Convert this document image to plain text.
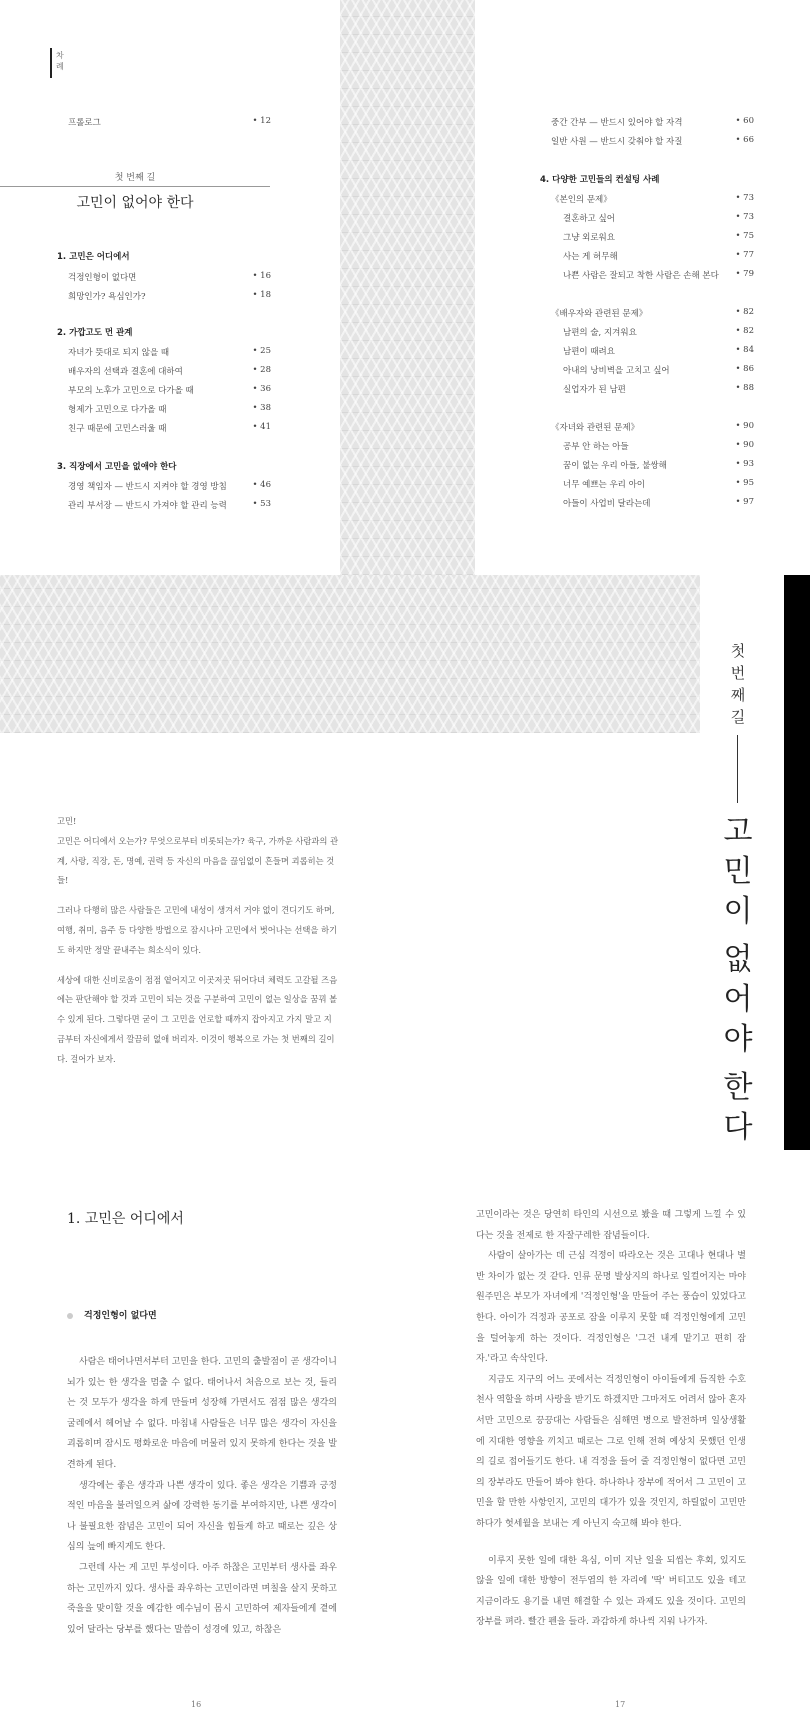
차례
프롤로그	• 12
첫 번째 길
고민이 없어야 한다
1. 고민은 어디에서
걱정인형이 없다면	• 16
희망인가? 욕심인가?	• 18
2. 가깝고도 먼 관계
자녀가 뜻대로 되지 않을 때	• 25
배우자의 선택과 결혼에 대하여	• 28
부모의 노후가 고민으로 다가올 때	• 36
형제가 고민으로 다가올 때	• 38
친구 때문에 고민스러울 때	• 41
3. 직장에서 고민을 없애야 한다
경영 책임자 — 반드시 지켜야 할 경영 방침	• 46
관리 부서장 — 반드시 가져야 할 관리 능력	• 53
중간 간부 — 반드시 있어야 할 자격	• 60
일반 사원 — 반드시 갖춰야 할 자질	• 66
4. 다양한 고민들의 컨설팅 사례
《본인의 문제》	• 73
결혼하고 싶어	• 73
그냥 외로워요	• 75
사는 게 허무해	• 77
나쁜 사람은 잘되고 착한 사람은 손해 본다 • 79
《배우자와 관련된 문제》	• 82
남편의 술, 지겨워요	• 82
남편이 때려요	• 84
아내의 낭비벽을 고치고 싶어	• 86
실업자가 된 남편	• 88
《자녀와 관련된 문제》	• 90
공부 안 하는 아들	• 90
꿈이 없는 우리 아들, 불쌍해	• 93
너무 예쁘는 우리 아이	• 95
아들이 사업비 달라는데	• 97
첫
번
째
길
고
민
이
없
어
야
한
다

고민!

고민은 어디에서 오는가? 무엇으로부터 비롯되는가? 육구, 가까운 사람과의 관계, 사랑, 직장, 돈, 명예, 권력 등 자신의 마음을 끊임없이 흔들며 괴롭히는 것들!

그러나 다행히 많은 사람들은 고민에 내성이 생겨서 거야 없이 견디기도 하며, 여행, 취미, 음주 등 다양한 방법으로 잠시나마 고민에서 벗어나는 선택을 하기도 하지만 정말 끝내주는 희소식이 있다.

세상에 대한 신비로움이 점점 옅어지고 이곳저곳 뒤어다녀 체력도 고갈될 즈음에는 판단해야 할 것과 고민이 되는 것을 구분하여 고민이 없는 일상을 꿈꿔 볼 수 있게 된다. 그렇다면 굳이 그 고민을 언로할 때까지 잡아지고 가지 말고 지금부터 자신에게서 깔끔히 없애 버리자. 이것이 행복으로 가는 첫 번째의 길이다. 걸어가 보자.

1. 고민은 어디에서
걱정인형이 없다면

사람은 태어나면서부터 고민을 한다. 고민의 출발점이 곧 생각이니 뇌가 있는 한 생각을 멈출 수 없다. 태어나서 처음으로 보는 것, 들리는 것 모두가 생각을 하게 만들며 성장해 가면서도 점점 많은 생각의 굴레에서 헤어날 수 없다. 마침내 사람들은 너무 많은 생각이 자신을 괴롭히며 잠시도 평화로운 마음에 머물러 있지 못하게 한다는 것을 발견하게 된다.

생각에는 좋은 생각과 나쁜 생각이 있다. 좋은 생각은 기쁨과 긍정적인 마음을 불러일으켜 삶에 강력한 동기를 부여하지만, 나쁜 생각이나 불필요한 잡념은 고민이 되어 자신을 힘들게 하고 때로는 깊은 상심의 늪에 빠지게도 한다.

그런데 사는 게 고민 투성이다. 아주 하찮은 고민부터 생사를 좌우하는 고민까지 있다. 생사를 좌우하는 고민이라면 며칠을 살지 못하고 죽을을 맞이할 것을 예감한 예수님이 몸시 고민하여 제자들에게 곁에 있어 달라는 당부를 했다는 말씀이 성경에 있고, 하찮은

고민이라는 것은 당연히 타인의 시선으로 봤을 때 그렇게 느낄 수 있다는 것을 전제로 한 자잘구레한 잡념들이다.

사람이 살아가는 데 근심 걱정이 따라오는 것은 고대나 현대나 별반 차이가 없는 것 같다. 인류 문명 발상지의 하나로 일컬어지는 마야 원주민은 부모가 자녀에게 '걱정인형'을 만들어 주는 풍습이 있었다고 한다. 아이가 걱정과 공포로 잠을 이루지 못할 때 걱정인형에게 고민을 털어놓게 하는 것이다. 걱정인형은 '그건 내게 맡기고 편히 잠자.'라고 속삭인다.

지금도 지구의 어느 곳에서는 걱정인형이 아이들에게 듬직한 수호천사 역할을 하며 사랑을 받기도 하겠지만 그마저도 어려서 않아 혼자서만 고민으로 끙끙대는 사람들은 심해면 병으로 발전하며 일상생활에 지대한 영향을 끼치고 때로는 그로 인해 전혀 예상치 못했던 인생의 길로 접어들기도 한다. 내 걱정을 들어 줄 걱정인형이 없다면 고민의 장부라도 만들어 봐야 한다. 하나하나 장부에 적어서 그 고민이 고민을 할 만한 사항인지, 고민의 대가가 있을 것인지, 하릴없이 고민만 하다가 헛세월을 보내는 게 아닌지 숙고해 봐야 한다.

이루지 못한 일에 대한 욕심, 이미 지난 일을 되씹는 후회, 있지도 않을 일에 대한 방향이 전두엽의 한 자리에 '딱' 버티고도 있을 테고 지금이라도 용기를 내면 해결할 수 있는 과제도 있을 것이다. 고민의 장부를 펴라. 빨간 펜을 들라. 과감하게 하나씩 지워 나가자.

16	17
